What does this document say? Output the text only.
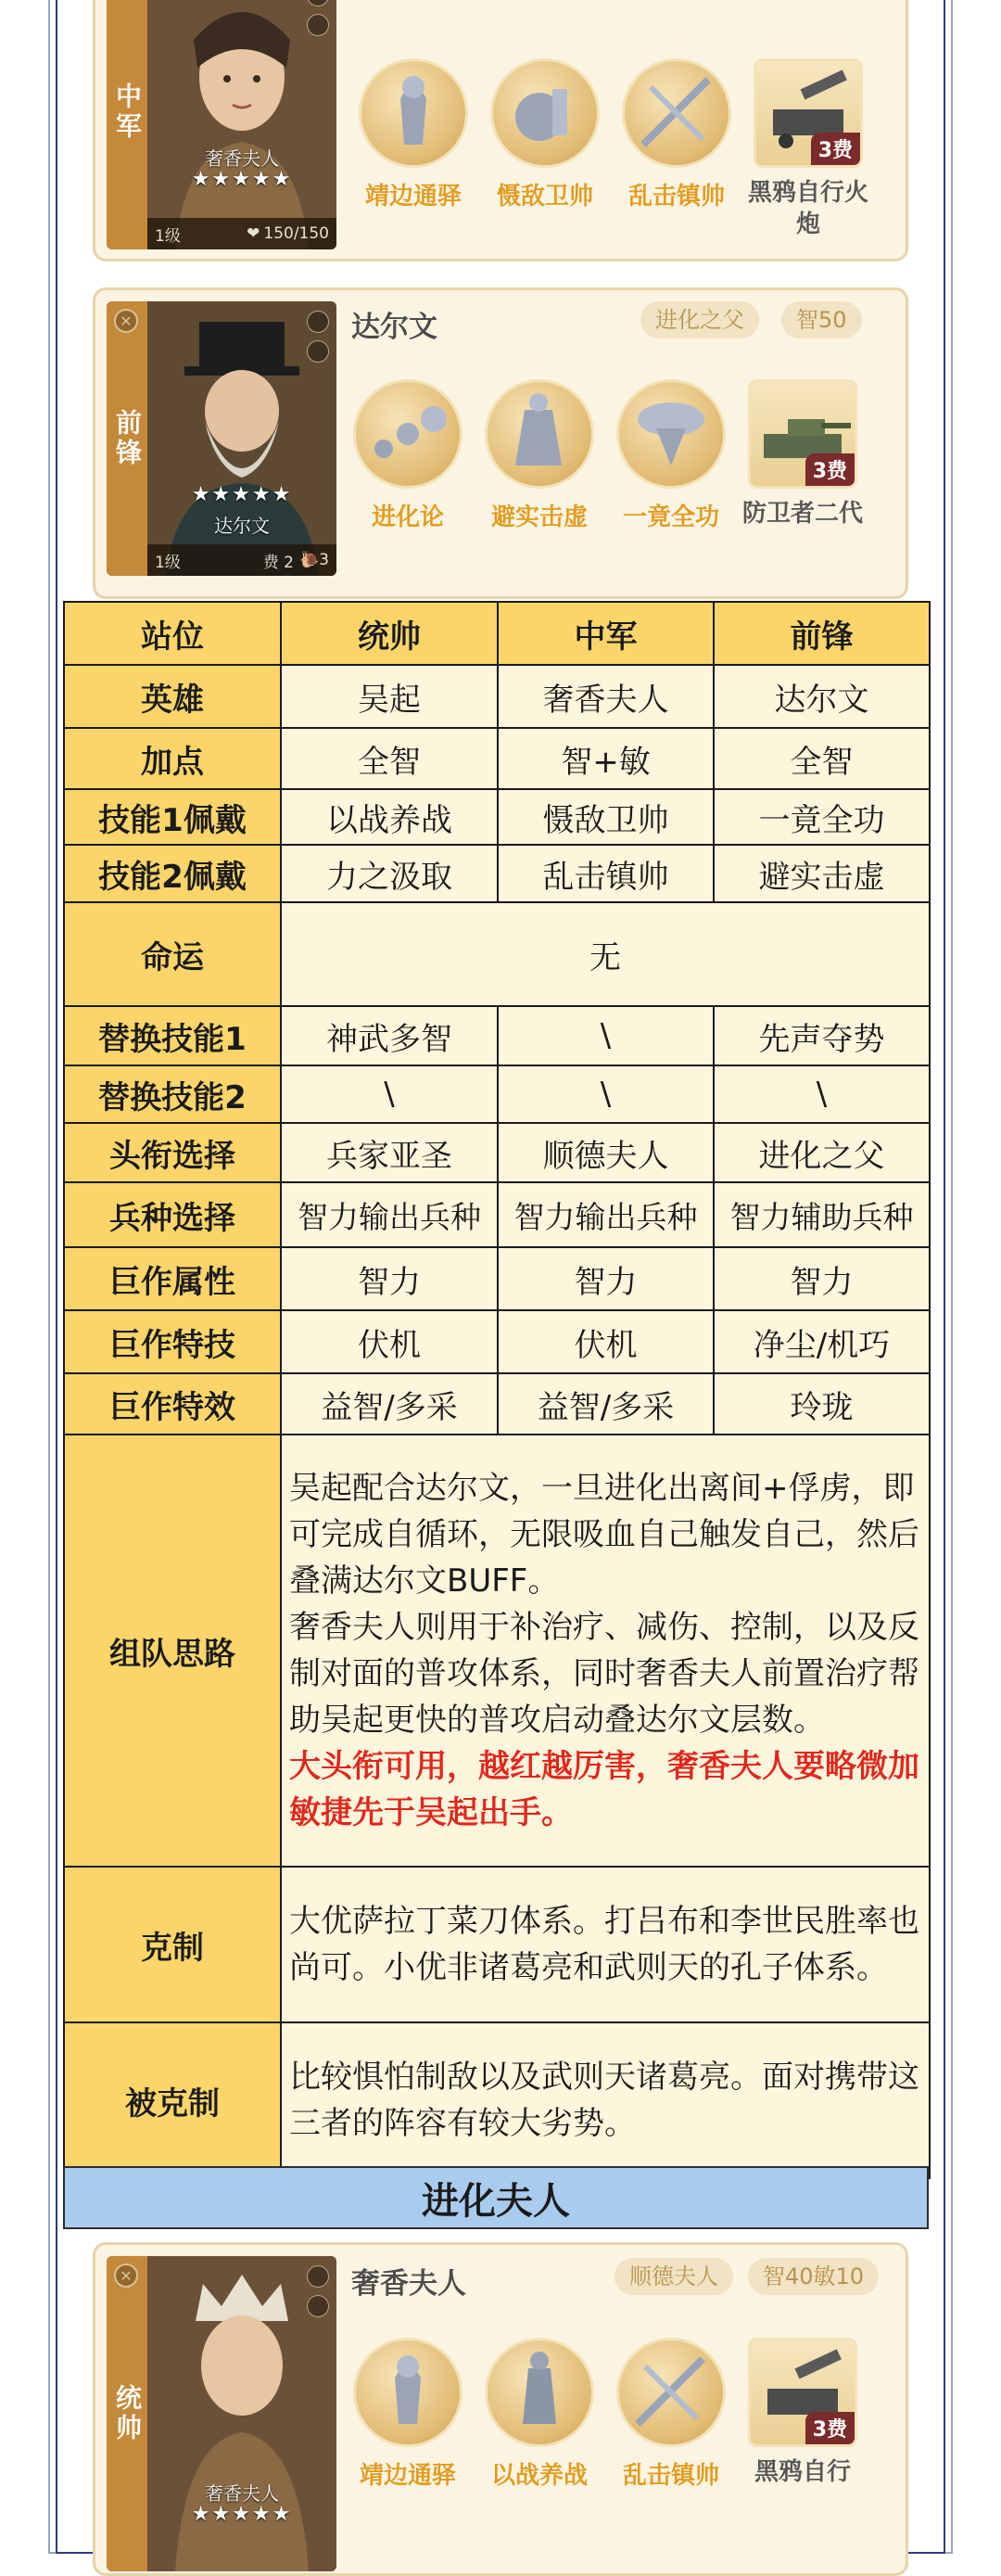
中军
奢香夫人
★★★★★
1级	❤ 150/150
靖边通驿	慑敌卫帅	乱击镇帅
3费
黑鸦自行火炮
前锋
✕
★★★★★
达尔文
1级	费 2 🐌 3
达尔文	进化之父	智50
进化论	避实击虚	一竟全功
3费
防卫者二代
站位	统帅	中军	前锋
英雄	吴起	奢香夫人	达尔文
加点	全智	智+敏	全智
技能1佩戴	以战养战	慑敌卫帅	一竟全功
技能2佩戴	力之汲取	乱击镇帅	避实击虚
命运	无		
替换技能1	神武多智	\	先声夺势
替换技能2	\	\	\
头衔选择	兵家亚圣	顺德夫人	进化之父
兵种选择	智力输出兵种	智力输出兵种	智力辅助兵种
巨作属性	智力	智力	智力
巨作特技	伏机	伏机	净尘/机巧
巨作特效	益智/多采	益智/多采	玲珑
组队思路	吴起配合达尔文，一旦进化出离间+俘虏，即可完成自循环，无限吸血自己触发自己，然后叠满达尔文BUFF。
奢香夫人则用于补治疗、减伤、控制，以及反制对面的普攻体系，同时奢香夫人前置治疗帮助吴起更快的普攻启动叠达尔文层数。
大头衔可用，越红越厉害，奢香夫人要略微加敏捷先于吴起出手。		

克制	大优萨拉丁菜刀体系。打吕布和李世民胜率也尚可。小优非诸葛亮和武则天的孔子体系。		
被克制	比较惧怕制敌以及武则天诸葛亮。面对携带这三者的阵容有较大劣势。		
进化夫人
统帅
✕
奢香夫人
★★★★★
奢香夫人	顺德夫人	智40敏10
靖边通驿	以战养战	乱击镇帅
3费
黑鸦自行
